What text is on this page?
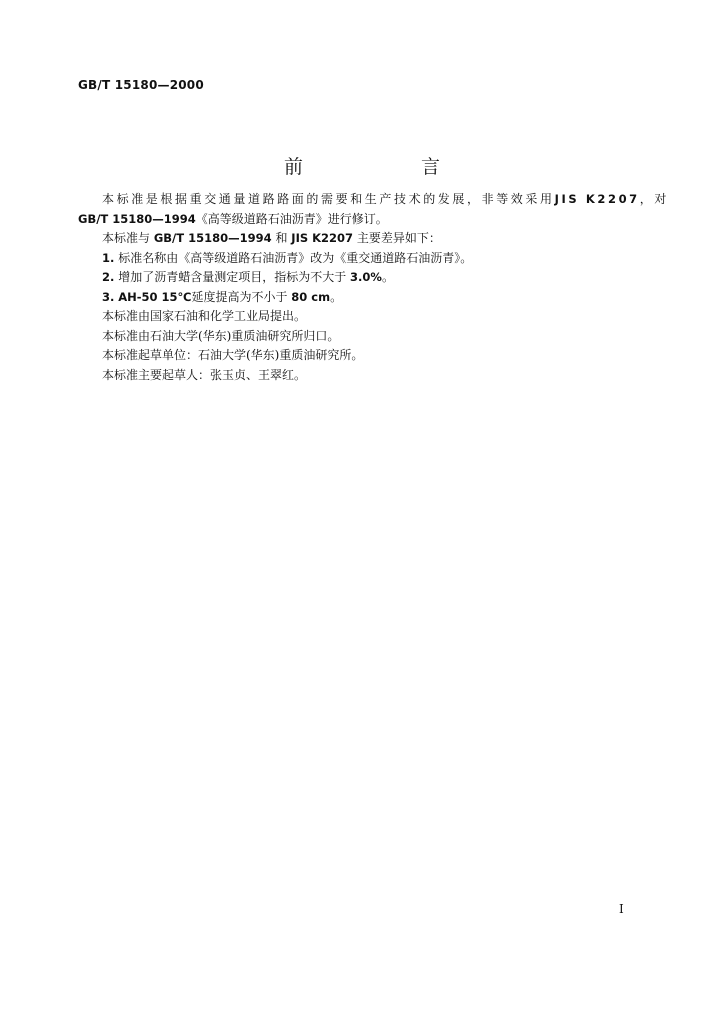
GB/T 15180—2000
前 言

本标准是根据重交通量道路路面的需要和生产技术的发展，非等效采用JIS K2207，对

GB/T 15180—1994《高等级道路石油沥青》进行修订。

本标准与 GB/T 15180—1994 和 JIS K2207 主要差异如下：

1. 标准名称由《高等级道路石油沥青》改为《重交通道路石油沥青》。

2. 增加了沥青蜡含量测定项目，指标为不大于 3.0%。

3. AH-50 15℃延度提高为不小于 80 cm。

本标准由国家石油和化学工业局提出。

本标准由石油大学(华东)重质油研究所归口。

本标准起草单位：石油大学(华东)重质油研究所。

本标准主要起草人：张玉贞、王翠红。

I
